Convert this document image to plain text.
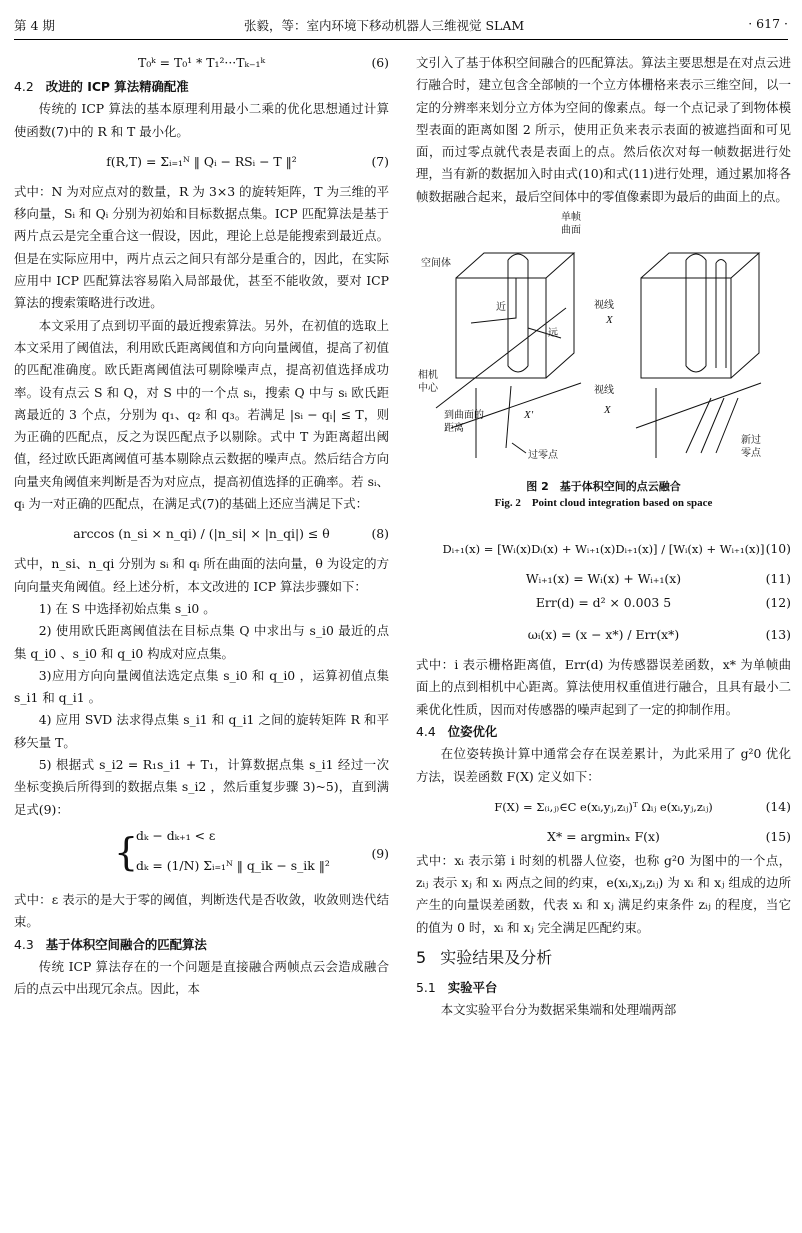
第 4 期	张毅，等：室内环境下移动机器人三维视觉 SLAM	· 617 ·
T₀ᵏ = T₀¹ * T₁²···Tₖ₋₁ᵏ	(6)

4.2 改进的 ICP 算法精确配准

传统的 ICP 算法的基本原理利用最小二乘的优化思想通过计算使函数(7)中的 R 和 T 最小化。

f(R,T) = Σᵢ₌₁ᴺ ‖ Qᵢ − RSᵢ − T ‖²	(7)

式中：N 为对应点对的数量，R 为 3×3 的旋转矩阵，T 为三维的平移向量，Sᵢ 和 Qᵢ 分别为初始和目标数据点集。ICP 匹配算法是基于两片点云是完全重合这一假设，因此，理论上总是能搜索到最近点。但是在实际应用中，两片点云之间只有部分是重合的，因此，在实际应用中 ICP 匹配算法容易陷入局部最优，甚至不能收敛，要对 ICP 算法的搜索策略进行改进。

本文采用了点到切平面的最近搜索算法。另外，在初值的选取上本文采用了阈值法，利用欧氏距离阈值和方向向量阈值，提高了初值的匹配准确度。欧氏距离阈值法可剔除噪声点，提高初值选择成功率。设有点云 S 和 Q，对 S 中的一个点 sᵢ，搜索 Q 中与 sᵢ 欧氏距离最近的 3 个点，分别为 q₁、q₂ 和 q₃。若满足 |sᵢ − qᵢ| ≤ T，则为正确的匹配点，反之为误匹配点予以剔除。式中 T 为距离超出阈值，经过欧氏距离阈值可基本剔除点云数据的噪声点。然后结合方向向量夹角阈值来判断是否为对应点，提高初值选择的正确率。若 sᵢ、qᵢ 为一对正确的匹配点，在满足式(7)的基础上还应当满足下式：

arccos (n_si × n_qi) / (|n_si| × |n_qi|) ≤ θ	(8)

式中，n_si、n_qi 分别为 sᵢ 和 qᵢ 所在曲面的法向量，θ 为设定的方向向量夹角阈值。经上述分析，本文改进的 ICP 算法步骤如下：

1) 在 S 中选择初始点集 s_i0 。

2) 使用欧氏距离阈值法在目标点集 Q 中求出与 s_i0 最近的点集 q_i0 、s_i0 和 q_i0 构成对应点集。

3)应用方向向量阈值法选定点集 s_i0 和 q_i0 ，运算初值点集 s_i1 和 q_i1 。

4) 应用 SVD 法求得点集 s_i1 和 q_i1 之间的旋转矩阵 R 和平移矢量 T。

5) 根据式 s_i2 = R₁s_i1 + T₁，计算数据点集 s_i1 经过一次坐标变换后所得到的数据点集 s_i2 ，然后重复步骤 3)~5)，直到满足式(9)：

{
dₖ − dₖ₊₁ < ε
dₖ = (1/N) Σᵢ₌₁ᴺ ‖ q_ik − s_ik ‖²
(9)

式中：ε 表示的是大于零的阈值，判断迭代是否收敛，收敛则迭代结束。

4.3 基于体积空间融合的匹配算法

传统 ICP 算法存在的一个问题是直接融合两帧点云会造成融合后的点云中出现冗余点。因此，本

文引入了基于体积空间融合的匹配算法。算法主要思想是在对点云进行融合时，建立包含全部帧的一个立方体栅格来表示三维空间，以一定的分辨率来划分立方体为空间的像素点。每一个点记录了到物体模型表面的距离如图 2 所示，使用正负来表示表面的被遮挡面和可见面，而过零点就代表是表面上的点。然后依次对每一帧数据进行处理，当有新的数据加入时由式(10)和式(11)进行处理，通过累加将各帧数据融合起来，最后空间体中的零值像素即为最后的曲面上的点。

单帧
曲面
空间体
视线
X
近
远
相机
中心	视线
X
到曲面的
距离
X′
过零点
新过
零点
图 2　基于体积空间的点云融合
Fig. 2　Point cloud integration based on space
Dᵢ₊₁(x) = [Wᵢ(x)Dᵢ(x) + Wᵢ₊₁(x)Dᵢ₊₁(x)] / [Wᵢ(x) + Wᵢ₊₁(x)] (10)
Wᵢ₊₁(x) = Wᵢ(x) + Wᵢ₊₁(x)	(11)
Err(d) = d² × 0.003 5	(12)
ωᵢ(x) = (x − x*) / Err(x*)	(13)

式中：i 表示栅格距离值，Err(d) 为传感器误差函数，x* 为单帧曲面上的点到相机中心距离。算法使用权重值进行融合，且具有最小二乘优化性质，因而对传感器的噪声起到了一定的抑制作用。

4.4 位姿优化

在位姿转换计算中通常会存在误差累计，为此采用了 g²0 优化方法，误差函数 F(X) 定义如下：

F(X) = Σ₍ᵢ,ⱼ₎∈C e(xᵢ,yⱼ,zᵢⱼ)ᵀ Ωᵢⱼ e(xᵢ,yⱼ,zᵢⱼ)	(14)
X* = argminₓ F(x)	(15)

式中：xᵢ 表示第 i 时刻的机器人位姿，也称 g²0 为图中的一个点，zᵢⱼ 表示 xⱼ 和 xᵢ 两点之间的约束，e(xᵢ,xⱼ,zᵢⱼ) 为 xᵢ 和 xⱼ 组成的边所产生的向量误差函数，代表 xᵢ 和 xⱼ 满足约束条件 zᵢⱼ 的程度，当它的值为 0 时，xᵢ 和 xⱼ 完全满足匹配约束。

5 实验结果及分析

5.1 实验平台

本文实验平台分为数据采集端和处理端两部
